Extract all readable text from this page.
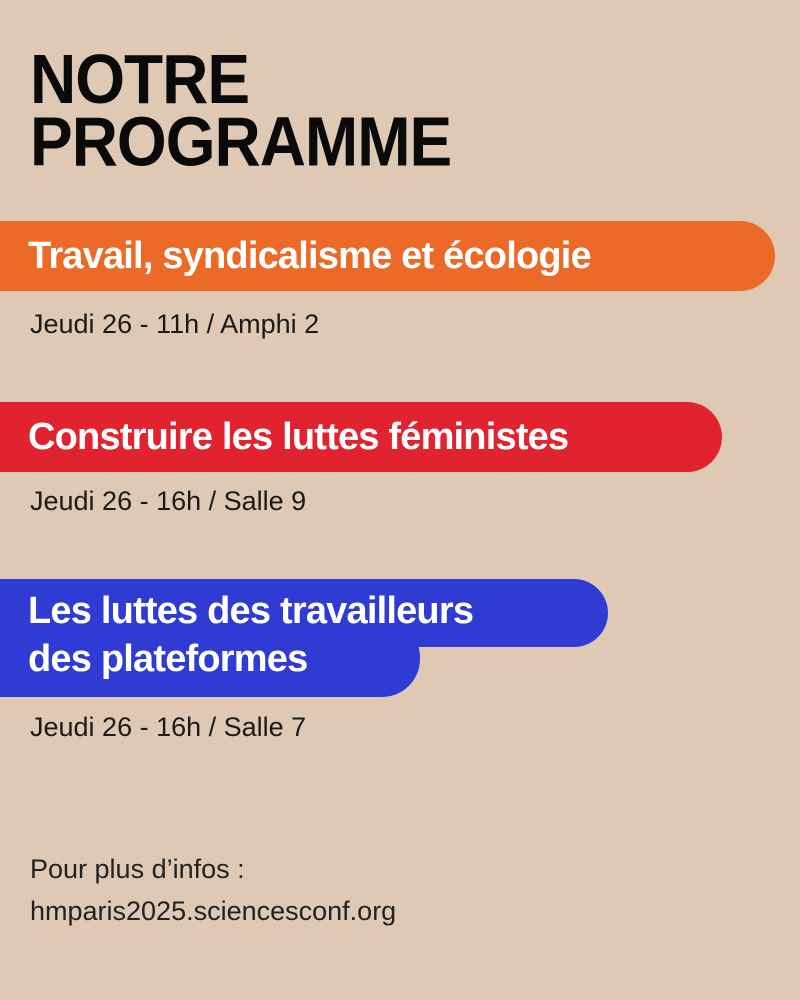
NOTRE
PROGRAMME
Travail, syndicalisme et écologie
Jeudi 26 - 11h / Amphi 2
Construire les luttes féministes
Jeudi 26 - 16h / Salle 9
Les luttes des travailleurs
des plateformes
Jeudi 26 - 16h / Salle 7
Pour plus d’infos :
hmparis2025.sciencesconf.org
